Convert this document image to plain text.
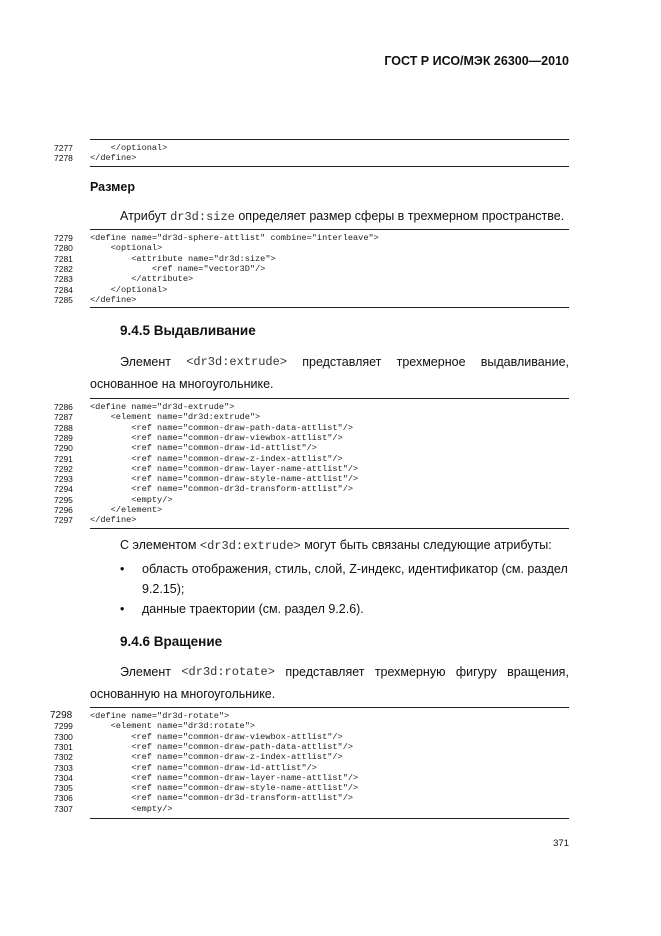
ГОСТ Р ИСО/МЭК 26300—2010
7277	</optional>
7278	</define>
Размер
Атрибут dr3d:size определяет размер сферы в трехмерном пространстве.
7279	<define name="dr3d-sphere-attlist" combine="interleave">
7280	<optional>
7281	<attribute name="dr3d:size">
7282	<ref name="vector3D"/>
7283	</attribute>
7284	</optional>
7285	</define>
9.4.5 Выдавливание
Элемент <dr3d:extrude> представляет трехмерное выдавливание,
основанное на многоугольнике.
7286	<define name="dr3d-extrude">
7287	<element name="dr3d:extrude">
7288	<ref name="common-draw-path-data-attlist"/>
7289	<ref name="common-draw-viewbox-attlist"/>
7290	<ref name="common-draw-id-attlist"/>
7291	<ref name="common-draw-z-index-attlist"/>
7292	<ref name="common-draw-layer-name-attlist"/>
7293	<ref name="common-draw-style-name-attlist"/>
7294	<ref name="common-dr3d-transform-attlist"/>
7295	<empty/>
7296	</element>
7297	</define>
С элементом <dr3d:extrude> могут быть связаны следующие атрибуты:
• область отображения, стиль, слой, Z-индекс, идентификатор (см. раздел
9.2.15);
• данные траектории (см. раздел 9.2.6).
9.4.6 Вращение
Элемент <dr3d:rotate> представляет трехмерную фигуру вращения,
основанную на многоугольнике.
7298	<define name="dr3d-rotate">
7299	<element name="dr3d:rotate">
7300	<ref name="common-draw-viewbox-attlist"/>
7301	<ref name="common-draw-path-data-attlist"/>
7302	<ref name="common-draw-z-index-attlist"/>
7303	<ref name="common-draw-id-attlist"/>
7304	<ref name="common-draw-layer-name-attlist"/>
7305	<ref name="common-draw-style-name-attlist"/>
7306	<ref name="common-dr3d-transform-attlist"/>
7307	<empty/>
371
